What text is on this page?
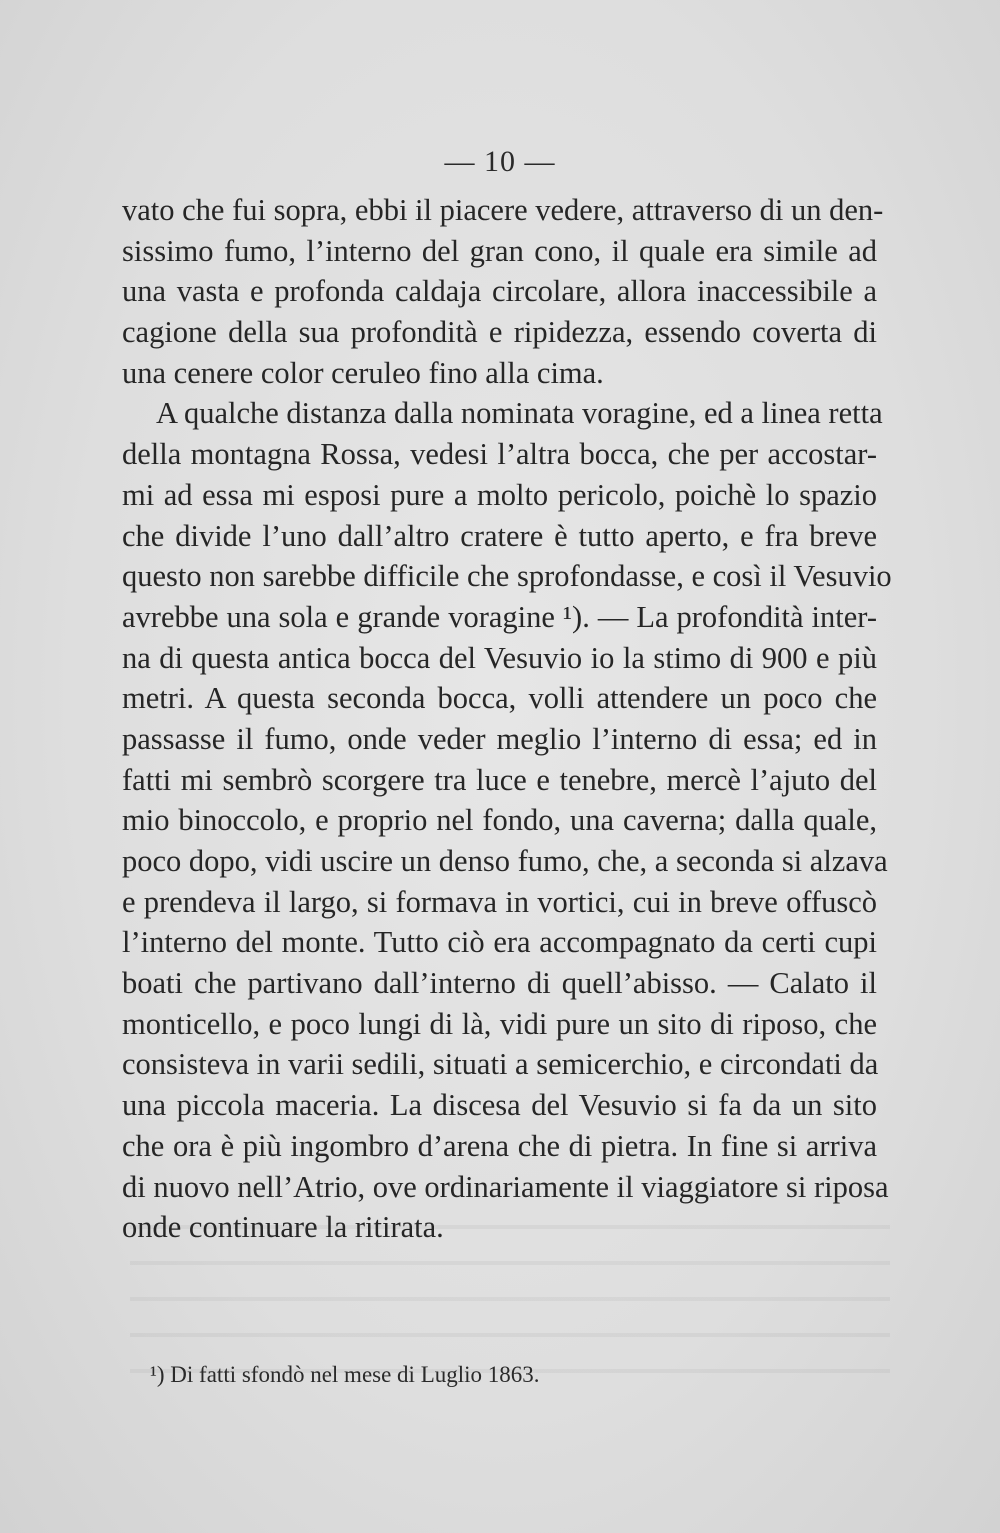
— 10 —
vato che fui sopra, ebbi il piacere vedere, attraverso di un den-
sissimo fumo, l’interno del gran cono, il quale era simile ad
una vasta e profonda caldaja circolare, allora inaccessibile a
cagione della sua profondità e ripidezza, essendo coverta di
una cenere color ceruleo fino alla cima.
A qualche distanza dalla nominata voragine, ed a linea retta
della montagna Rossa, vedesi l’altra bocca, che per accostar-
mi ad essa mi esposi pure a molto pericolo, poichè lo spazio
che divide l’uno dall’altro cratere è tutto aperto, e fra breve
questo non sarebbe difficile che sprofondasse, e così il Vesuvio
avrebbe una sola e grande voragine ¹). — La profondità inter-
na di questa antica bocca del Vesuvio io la stimo di 900 e più
metri. A questa seconda bocca, volli attendere un poco che
passasse il fumo, onde veder meglio l’interno di essa; ed in
fatti mi sembrò scorgere tra luce e tenebre, mercè l’ajuto del
mio binoccolo, e proprio nel fondo, una caverna; dalla quale,
poco dopo, vidi uscire un denso fumo, che, a seconda si alzava
e prendeva il largo, si formava in vortici, cui in breve offuscò
l’interno del monte. Tutto ciò era accompagnato da certi cupi
boati che partivano dall’interno di quell’abisso. — Calato il
monticello, e poco lungi di là, vidi pure un sito di riposo, che
consisteva in varii sedili, situati a semicerchio, e circondati da
una piccola maceria. La discesa del Vesuvio si fa da un sito
che ora è più ingombro d’arena che di pietra. In fine si arriva
di nuovo nell’Atrio, ove ordinariamente il viaggiatore si riposa
onde continuare la ritirata.
¹) Di fatti sfondò nel mese di Luglio 1863.
